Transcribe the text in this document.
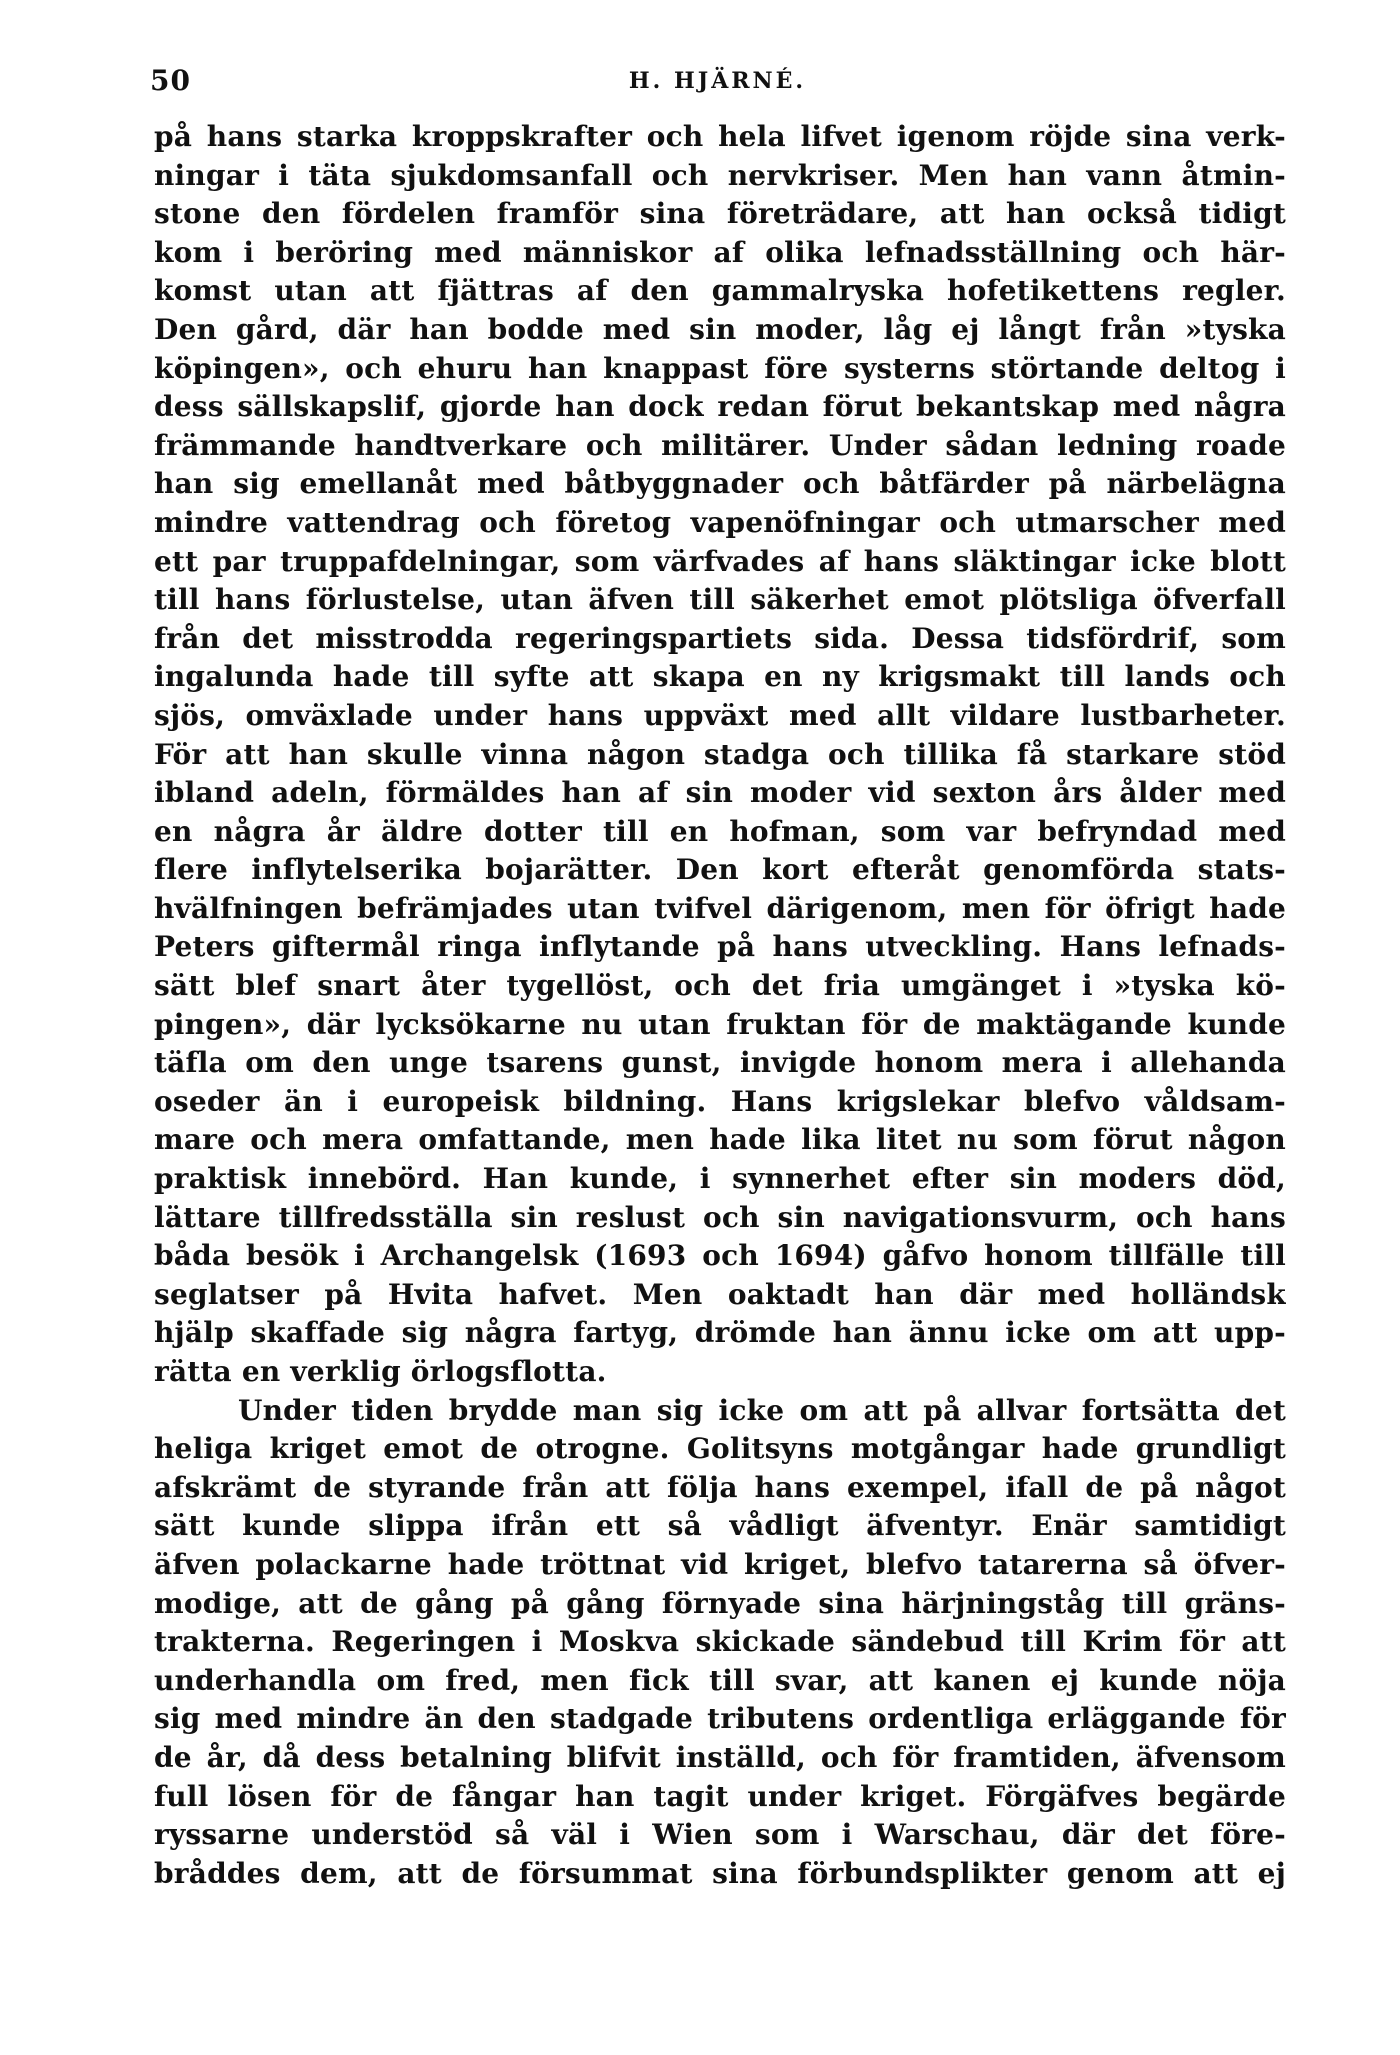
50	H. HJÄRNÉ.
på hans starka kroppskrafter och hela lifvet igenom röjde sina verk-
ningar i täta sjukdomsanfall och nervkriser. Men han vann åtmin-
stone den fördelen framför sina företrädare, att han också tidigt
kom i beröring med människor af olika lefnadsställning och här-
komst utan att fjättras af den gammalryska hofetikettens regler.
Den gård, där han bodde med sin moder, låg ej långt från »tyska
köpingen», och ehuru han knappast före systerns störtande deltog i
dess sällskapslif, gjorde han dock redan förut bekantskap med några
främmande handtverkare och militärer. Under sådan ledning roade
han sig emellanåt med båtbyggnader och båtfärder på närbelägna
mindre vattendrag och företog vapenöfningar och utmarscher med
ett par truppafdelningar, som värfvades af hans släktingar icke blott
till hans förlustelse, utan äfven till säkerhet emot plötsliga öfverfall
från det misstrodda regeringspartiets sida. Dessa tidsfördrif, som
ingalunda hade till syfte att skapa en ny krigsmakt till lands och
sjös, omväxlade under hans uppväxt med allt vildare lustbarheter.
För att han skulle vinna någon stadga och tillika få starkare stöd
ibland adeln, förmäldes han af sin moder vid sexton års ålder med
en några år äldre dotter till en hofman, som var befryndad med
flere inflytelserika bojarätter. Den kort efteråt genomförda stats-
hvälfningen befrämjades utan tvifvel därigenom, men för öfrigt hade
Peters giftermål ringa inflytande på hans utveckling. Hans lefnads-
sätt blef snart åter tygellöst, och det fria umgänget i »tyska kö-
pingen», där lycksökarne nu utan fruktan för de maktägande kunde
täfla om den unge tsarens gunst, invigde honom mera i allehanda
oseder än i europeisk bildning. Hans krigslekar blefvo våldsam-
mare och mera omfattande, men hade lika litet nu som förut någon
praktisk innebörd. Han kunde, i synnerhet efter sin moders död,
lättare tillfredsställa sin reslust och sin navigationsvurm, och hans
båda besök i Archangelsk (1693 och 1694) gåfvo honom tillfälle till
seglatser på Hvita hafvet. Men oaktadt han där med holländsk
hjälp skaffade sig några fartyg, drömde han ännu icke om att upp-
rätta en verklig örlogsflotta.
Under tiden brydde man sig icke om att på allvar fortsätta det
heliga kriget emot de otrogne. Golitsyns motgångar hade grundligt
afskrämt de styrande från att följa hans exempel, ifall de på något
sätt kunde slippa ifrån ett så vådligt äfventyr. Enär samtidigt
äfven polackarne hade tröttnat vid kriget, blefvo tatarerna så öfver-
modige, att de gång på gång förnyade sina härjningståg till gräns-
trakterna. Regeringen i Moskva skickade sändebud till Krim för att
underhandla om fred, men fick till svar, att kanen ej kunde nöja
sig med mindre än den stadgade tributens ordentliga erläggande för
de år, då dess betalning blifvit inställd, och för framtiden, äfvensom
full lösen för de fångar han tagit under kriget. Förgäfves begärde
ryssarne understöd så väl i Wien som i Warschau, där det före-
bråddes dem, att de försummat sina förbundsplikter genom att ej
